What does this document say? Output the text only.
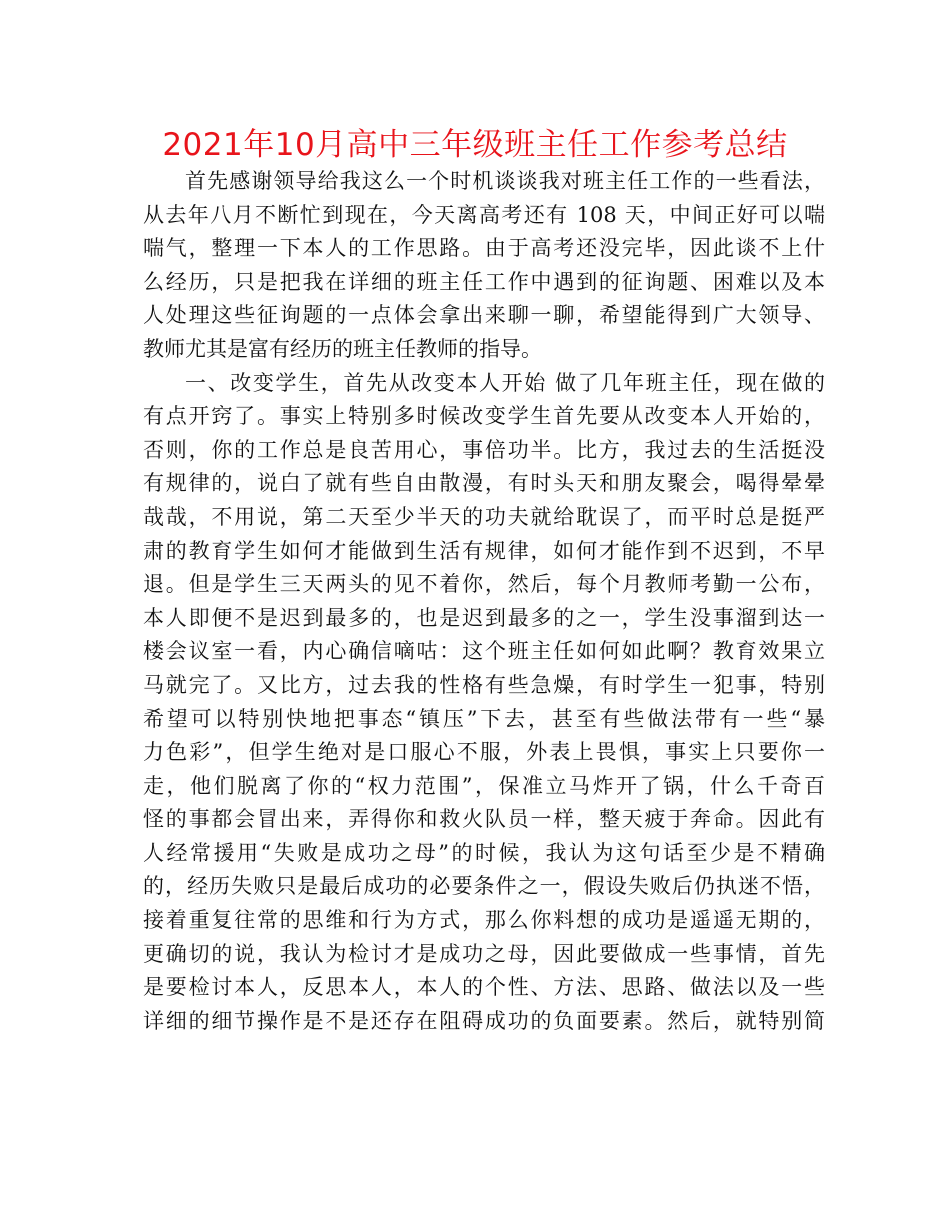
2021年10月高中三年级班主任工作参考总结
首先感谢领导给我这么一个时机谈谈我对班主任工作的一些看法，
从去年八月不断忙到现在，今天离高考还有 108 天，中间正好可以喘
喘气，整理一下本人的工作思路。由于高考还没完毕，因此谈不上什
么经历，只是把我在详细的班主任工作中遇到的征询题、困难以及本
人处理这些征询题的一点体会拿出来聊一聊，希望能得到广大领导、
教师尤其是富有经历的班主任教师的指导。
一、改变学生，首先从改变本人开始 做了几年班主任，现在做的
有点开窍了。事实上特别多时候改变学生首先要从改变本人开始的，
否则，你的工作总是良苦用心，事倍功半。比方，我过去的生活挺没
有规律的，说白了就有些自由散漫，有时头天和朋友聚会，喝得晕晕
哉哉，不用说，第二天至少半天的功夫就给耽误了，而平时总是挺严
肃的教育学生如何才能做到生活有规律，如何才能作到不迟到，不早
退。但是学生三天两头的见不着你，然后，每个月教师考勤一公布，
本人即便不是迟到最多的，也是迟到最多的之一，学生没事溜到达一
楼会议室一看，内心确信嘀咕：这个班主任如何如此啊？教育效果立
马就完了。又比方，过去我的性格有些急燥，有时学生一犯事，特别
希望可以特别快地把事态“镇压”下去，甚至有些做法带有一些“暴
力色彩”，但学生绝对是口服心不服，外表上畏惧，事实上只要你一
走，他们脱离了你的“权力范围”，保准立马炸开了锅，什么千奇百
怪的事都会冒出来，弄得你和救火队员一样，整天疲于奔命。因此有
人经常援用“失败是成功之母”的时候，我认为这句话至少是不精确
的，经历失败只是最后成功的必要条件之一，假设失败后仍执迷不悟，
接着重复往常的思维和行为方式，那么你料想的成功是遥遥无期的，
更确切的说，我认为检讨才是成功之母，因此要做成一些事情，首先
是要检讨本人，反思本人，本人的个性、方法、思路、做法以及一些
详细的细节操作是不是还存在阻碍成功的负面要素。然后，就特别简
